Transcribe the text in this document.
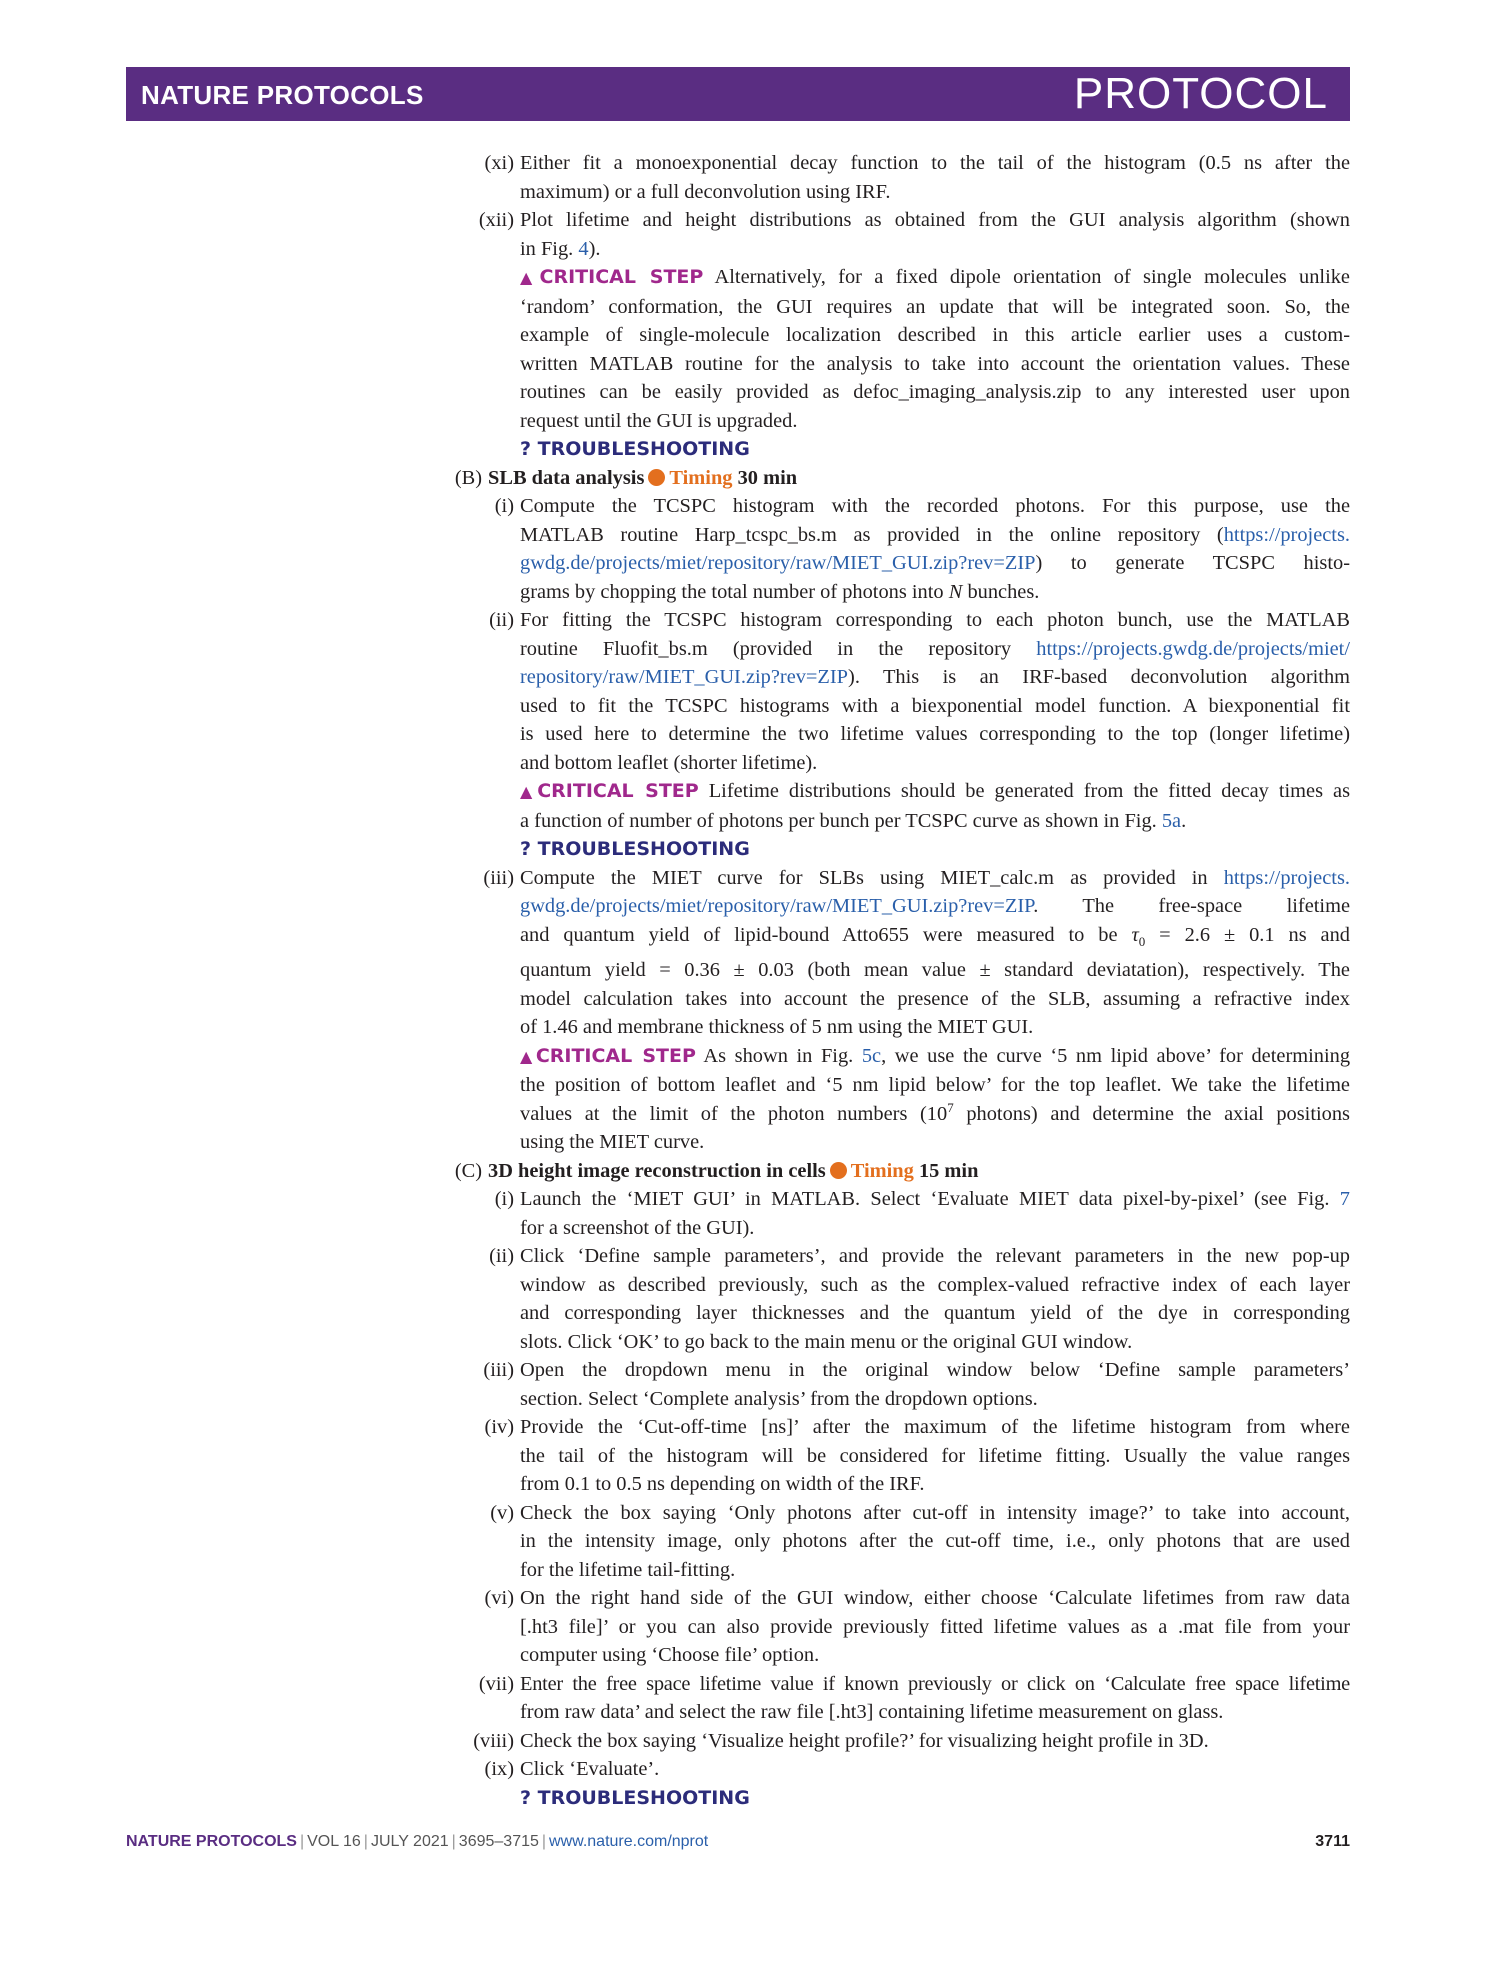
NATURE PROTOCOLS	PROTOCOL
(xi) Either fit a monoexponential decay function to the tail of the histogram (0.5 ns after the
maximum) or a full deconvolution using IRF.
(xii) Plot lifetime and height distributions as obtained from the GUI analysis algorithm (shown
in Fig. 4).
▲CRITICAL STEP Alternatively, for a fixed dipole orientation of single molecules unlike
‘random’ conformation, the GUI requires an update that will be integrated soon. So, the
example of single-molecule localization described in this article earlier uses a custom-
written MATLAB routine for the analysis to take into account the orientation values. These
routines can be easily provided as defoc_imaging_analysis.zip to any interested user upon
request until the GUI is upgraded.
? TROUBLESHOOTING
(B) SLB data analysis Timing 30 min
(i) Compute the TCSPC histogram with the recorded photons. For this purpose, use the
MATLAB routine Harp_tcspc_bs.m as provided in the online repository (https://projects.
gwdg.de/projects/miet/repository/raw/MIET_GUI.zip?rev=ZIP) to generate TCSPC histo-
grams by chopping the total number of photons into N bunches.
(ii) For fitting the TCSPC histogram corresponding to each photon bunch, use the MATLAB
routine Fluofit_bs.m (provided in the repository https://projects.gwdg.de/projects/miet/
repository/raw/MIET_GUI.zip?rev=ZIP). This is an IRF-based deconvolution algorithm
used to fit the TCSPC histograms with a biexponential model function. A biexponential fit
is used here to determine the two lifetime values corresponding to the top (longer lifetime)
and bottom leaflet (shorter lifetime).
▲CRITICAL STEP Lifetime distributions should be generated from the fitted decay times as
a function of number of photons per bunch per TCSPC curve as shown in Fig. 5a.
? TROUBLESHOOTING
(iii) Compute the MIET curve for SLBs using MIET_calc.m as provided in https://projects.
gwdg.de/projects/miet/repository/raw/MIET_GUI.zip?rev=ZIP. The free-space lifetime
and quantum yield of lipid-bound Atto655 were measured to be $\tau_0 = 2.6 \pm 0.1$ ns and
quantum yield = 0.36 ± 0.03 (both mean value ± standard deviatation), respectively. The
model calculation takes into account the presence of the SLB, assuming a refractive index
of 1.46 and membrane thickness of 5 nm using the MIET GUI.
▲CRITICAL STEP As shown in Fig. 5c, we use the curve ‘5 nm lipid above’ for determining
the position of bottom leaflet and ‘5 nm lipid below’ for the top leaflet. We take the lifetime
values at the limit of the photon numbers ($10^7$ photons) and determine the axial positions
using the MIET curve.
(C) 3D height image reconstruction in cells Timing 15 min
(i) Launch the ‘MIET GUI’ in MATLAB. Select ‘Evaluate MIET data pixel-by-pixel’ (see Fig. 7
for a screenshot of the GUI).
(ii) Click ‘Define sample parameters’, and provide the relevant parameters in the new pop-up
window as described previously, such as the complex-valued refractive index of each layer
and corresponding layer thicknesses and the quantum yield of the dye in corresponding
slots. Click ‘OK’ to go back to the main menu or the original GUI window.
(iii) Open the dropdown menu in the original window below ‘Define sample parameters’
section. Select ‘Complete analysis’ from the dropdown options.
(iv) Provide the ‘Cut-off-time [ns]’ after the maximum of the lifetime histogram from where
the tail of the histogram will be considered for lifetime fitting. Usually the value ranges
from 0.1 to 0.5 ns depending on width of the IRF.
(v) Check the box saying ‘Only photons after cut-off in intensity image?’ to take into account,
in the intensity image, only photons after the cut-off time, i.e., only photons that are used
for the lifetime tail-fitting.
(vi) On the right hand side of the GUI window, either choose ‘Calculate lifetimes from raw data
[.ht3 file]’ or you can also provide previously fitted lifetime values as a .mat file from your
computer using ‘Choose file’ option.
(vii) Enter the free space lifetime value if known previously or click on ‘Calculate free space lifetime
from raw data’ and select the raw file [.ht3] containing lifetime measurement on glass.
(viii) Check the box saying ‘Visualize height profile?’ for visualizing height profile in 3D.
(ix) Click ‘Evaluate’.
? TROUBLESHOOTING
NATURE PROTOCOLS | VOL 16 | JULY 2021 | 3695–3715 | www.nature.com/nprot	3711
